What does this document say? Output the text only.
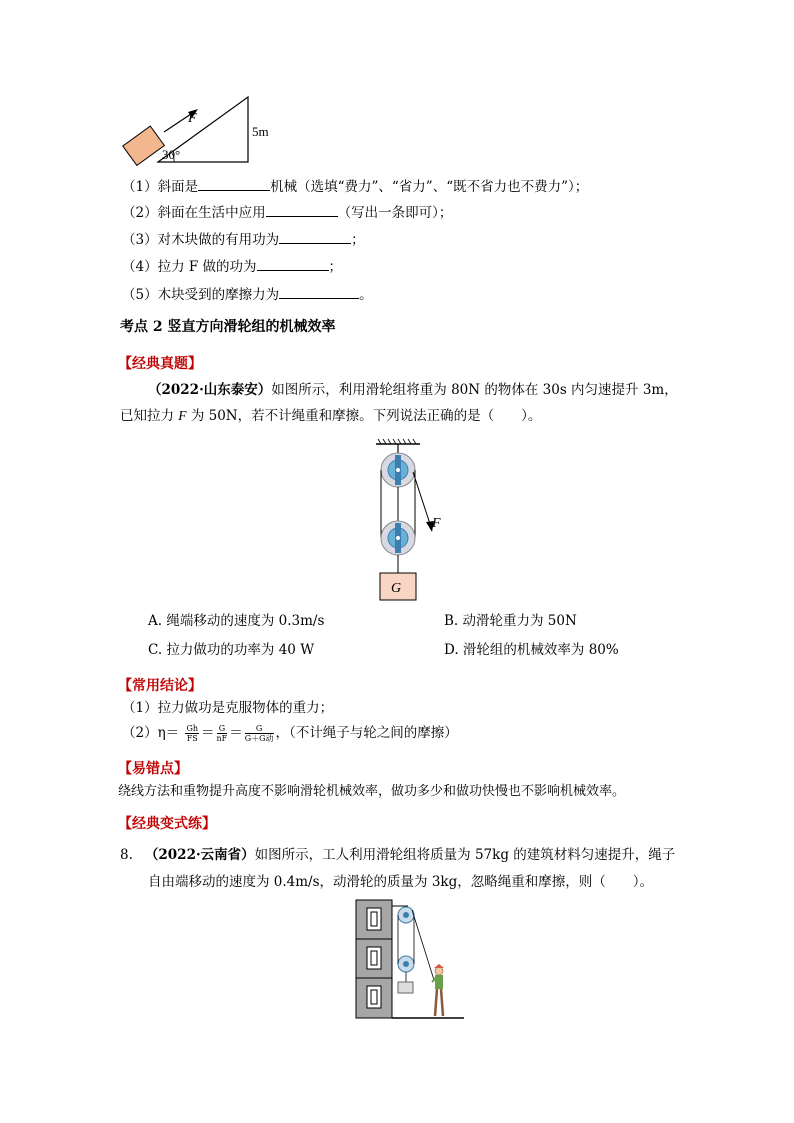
F
5m
30°
（1）斜面是	机械（选填“费力”、“省力”、“既不省力也不费力”）；
（2）斜面在生活中应用	（写出一条即可）；
（3）对木块做的有用功为	；
（4）拉力 F 做的功为	；
（5）木块受到的摩擦力为	。
考点 2 竖直方向滑轮组的机械效率
【经典真题】
（2022·山东泰安）如图所示，利用滑轮组将重为 80N 的物体在 30s 内匀速提升 3m，
已知拉力 F 为 50N，若不计绳重和摩擦。下列说法正确的是（　　）。
F
G
A. 绳端移动的速度为 0.3m/s	B. 动滑轮重力为 50N
C. 拉力做功的功率为 40 W	D. 滑轮组的机械效率为 80%
【常用结论】
（1）拉力做功是克服物体的重力；
$(2)\eta= \frac{Gh}{FS} = \frac{G}{nF} = \frac{G}{\text{G＋G动}}$ ，（不计绳子与轮之间的摩擦）
【易错点】
绕线方法和重物提升高度不影响滑轮机械效率，做功多少和做功快慢也不影响机械效率。
【经典变式练】
8. （2022·云南省）如图所示，工人利用滑轮组将质量为 57kg 的建筑材料匀速提升，绳子
自由端移动的速度为 0.4m/s，动滑轮的质量为 3kg，忽略绳重和摩擦，则（　　）。
